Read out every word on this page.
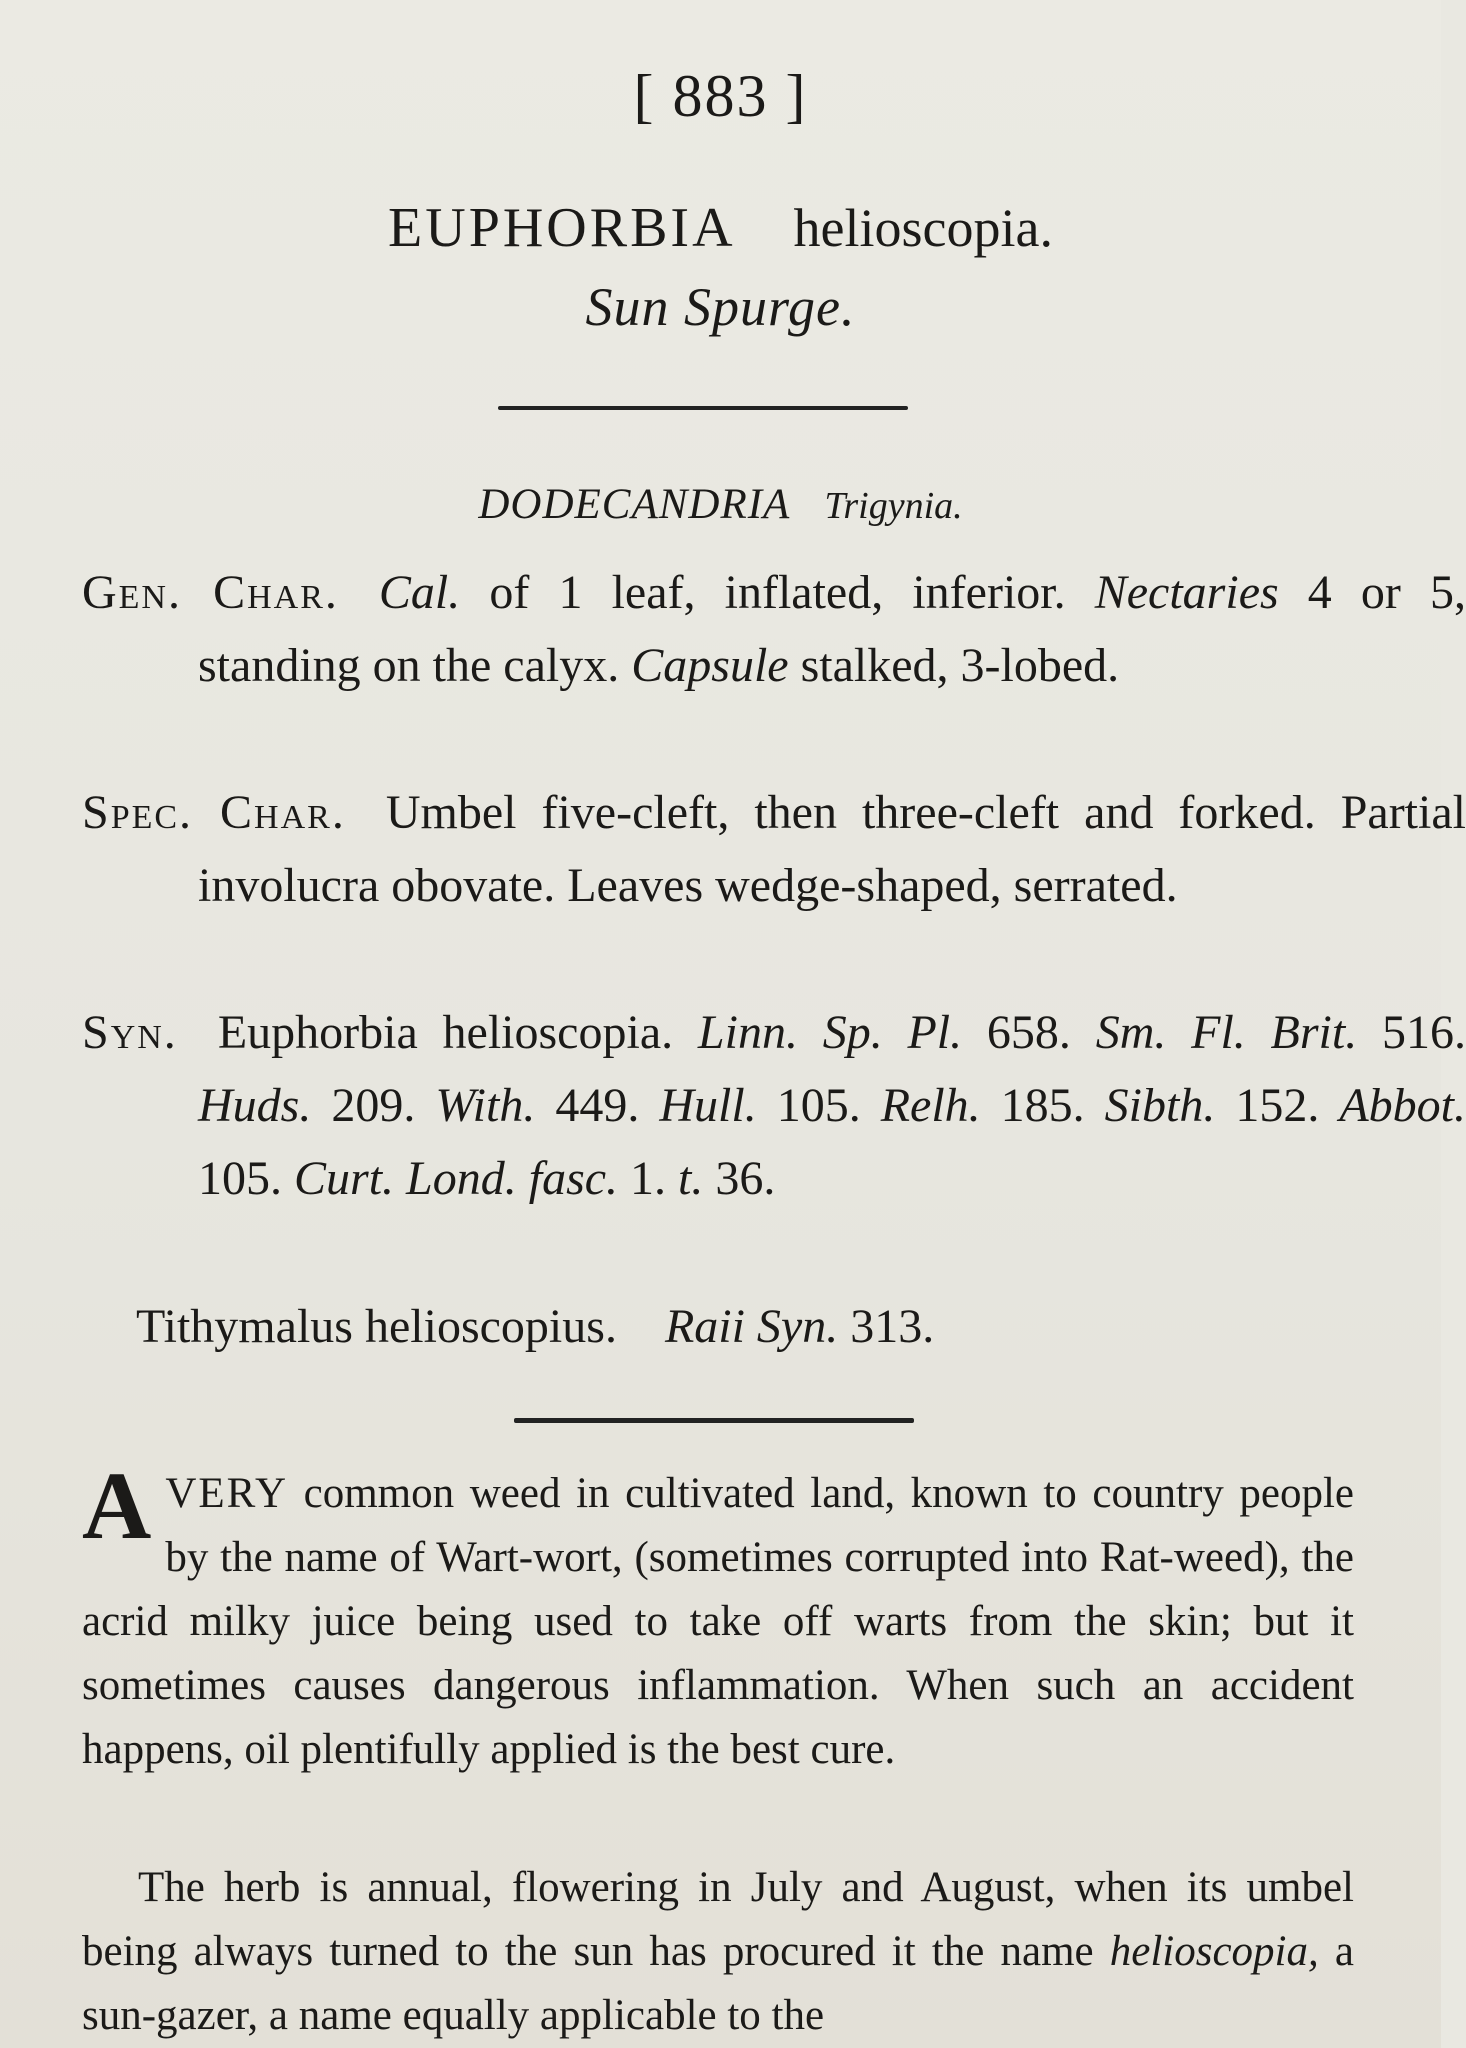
[ 883 ]
EUPHORBIA helioscopia.
Sun Spurge.
DODECANDRIA Trigynia.
Gen. Char. Cal. of 1 leaf, inflated, inferior. Nectaries 4 or 5, standing on the calyx. Capsule stalked, 3-lobed.
Spec. Char. Umbel five-cleft, then three-cleft and forked. Partial involucra obovate. Leaves wedge-shaped, serrated.
Syn. Euphorbia helioscopia. Linn. Sp. Pl. 658. Sm. Fl. Brit. 516. Huds. 209. With. 449. Hull. 105. Relh. 185. Sibth. 152. Abbot. 105. Curt. Lond. fasc. 1. t. 36.
Tithymalus helioscopius. Raii Syn. 313.
AVERY common weed in cultivated land, known to country people by the name of Wart-wort, (sometimes corrupted into Rat-weed), the acrid milky juice being used to take off warts from the skin; but it sometimes causes dangerous inflammation. When such an accident happens, oil plentifully applied is the best cure.
The herb is annual, flowering in July and August, when its umbel being always turned to the sun has procured it the name helioscopia, a sun-gazer, a name equally applicable to the
